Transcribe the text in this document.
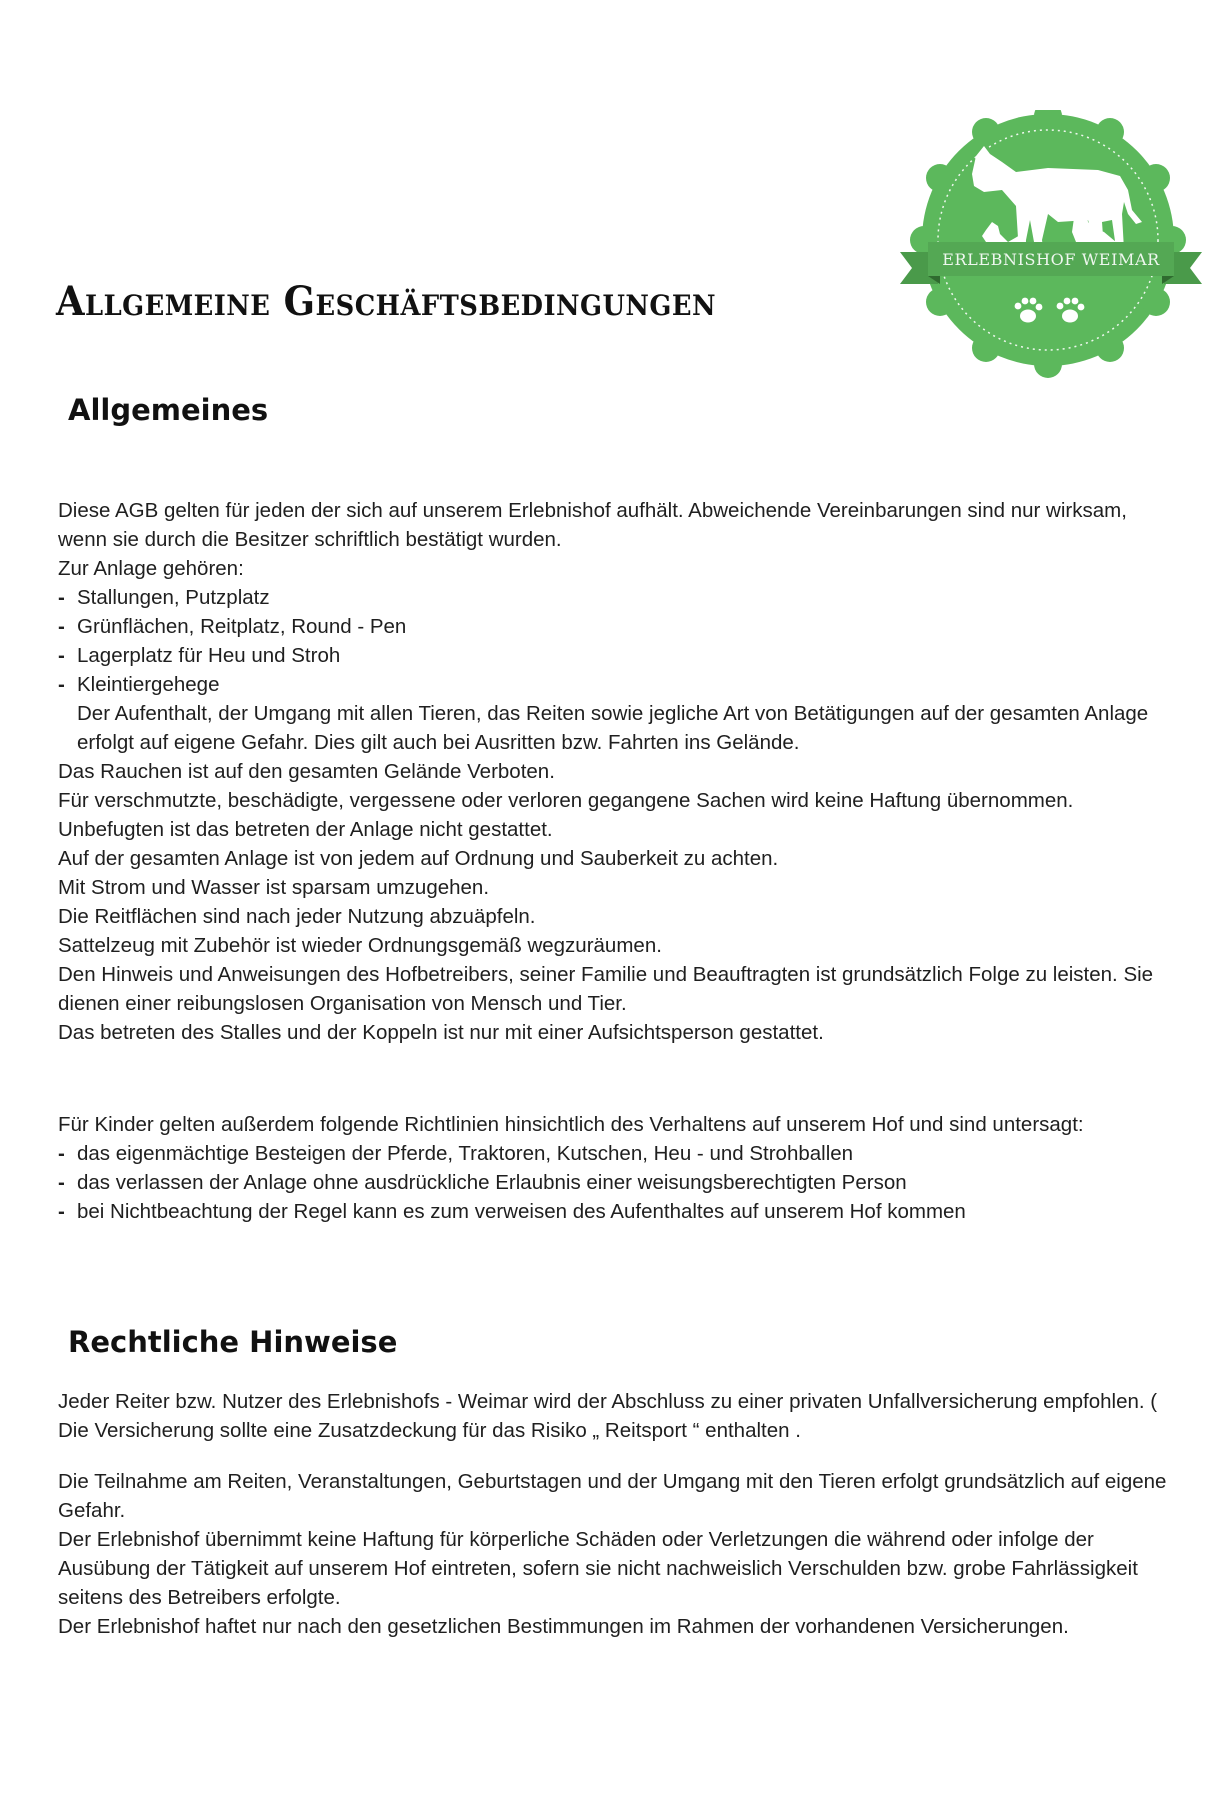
ERLEBNISHOF WEIMAR
Allgemeine Geschäftsbedingungen
Allgemeines

Diese AGB gelten für jeden der sich auf unserem Erlebnishof aufhält. Abweichende Vereinbarungen sind nur wirksam, wenn sie durch die Besitzer schriftlich bestätigt wurden.

Zur Anlage gehören:

- Stallungen, Putzplatz
- Grünflächen, Reitplatz, Round - Pen
- Lagerplatz für Heu und Stroh
- Kleintiergehege

Der Aufenthalt, der Umgang mit allen Tieren, das Reiten sowie jegliche Art von Betätigungen auf der gesamten Anlage erfolgt auf eigene Gefahr. Dies gilt auch bei Ausritten bzw. Fahrten ins Gelände.

Das Rauchen ist auf den gesamten Gelände Verboten.

Für verschmutzte, beschädigte, vergessene oder verloren gegangene Sachen wird keine Haftung übernommen.

Unbefugten ist das betreten der Anlage nicht gestattet.

Auf der gesamten Anlage ist von jedem auf Ordnung und Sauberkeit zu achten.

Mit Strom und Wasser ist sparsam umzugehen.

Die Reitflächen sind nach jeder Nutzung abzuäpfeln.

Sattelzeug mit Zubehör ist wieder Ordnungsgemäß wegzuräumen.

Den Hinweis und Anweisungen des Hofbetreibers, seiner Familie und Beauftragten ist grundsätzlich Folge zu leisten. Sie dienen einer reibungslosen Organisation von Mensch und Tier.

Das betreten des Stalles und der Koppeln ist nur mit einer Aufsichtsperson gestattet.

Für Kinder gelten außerdem folgende Richtlinien hinsichtlich des Verhaltens auf unserem Hof und sind untersagt:

- das eigenmächtige Besteigen der Pferde, Traktoren, Kutschen, Heu - und Strohballen
- das verlassen der Anlage ohne ausdrückliche Erlaubnis einer weisungsberechtigten Person
- bei Nichtbeachtung der Regel kann es zum verweisen des Aufenthaltes auf unserem Hof kommen
Rechtliche Hinweise

Jeder Reiter bzw. Nutzer des Erlebnishofs - Weimar wird der Abschluss zu einer privaten Unfallversicherung empfohlen. ( Die Versicherung sollte eine Zusatzdeckung für das Risiko „ Reitsport “ enthalten .

Die Teilnahme am Reiten, Veranstaltungen, Geburtstagen und der Umgang mit den Tieren erfolgt grundsätzlich auf eigene Gefahr.

Der Erlebnishof übernimmt keine Haftung für körperliche Schäden oder Verletzungen die während oder infolge der Ausübung der Tätigkeit auf unserem Hof eintreten, sofern sie nicht nachweislich Verschulden bzw. grobe Fahrlässigkeit seitens des Betreibers erfolgte.

Der Erlebnishof haftet nur nach den gesetzlichen Bestimmungen im Rahmen der vorhandenen Versicherungen.
